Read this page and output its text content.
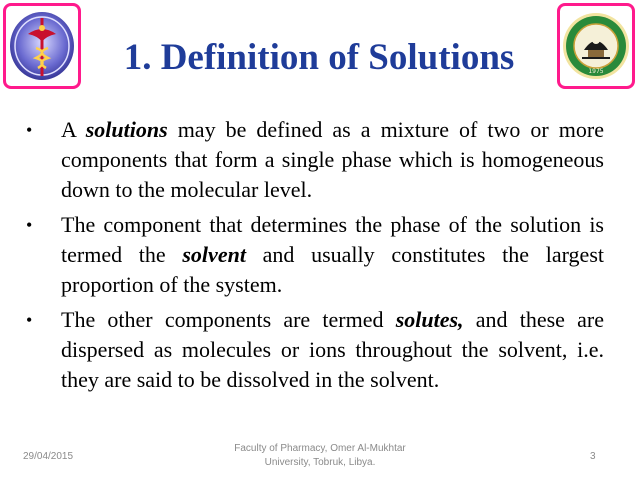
1975
1. Definition of Solutions
• A solutions may be defined as a mixture of two or more components that form a single phase which is homogeneous down to the molecular level.
• The component that determines the phase of the solution is termed the solvent and usually constitutes the largest proportion of the system.
• The other components are termed solutes, and these are dispersed as molecules or ions throughout the solvent, i.e. they are said to be dissolved in the solvent.
29/04/2015
Faculty of Pharmacy, Omer Al-Mukhtar
University, Tobruk, Libya.
3
